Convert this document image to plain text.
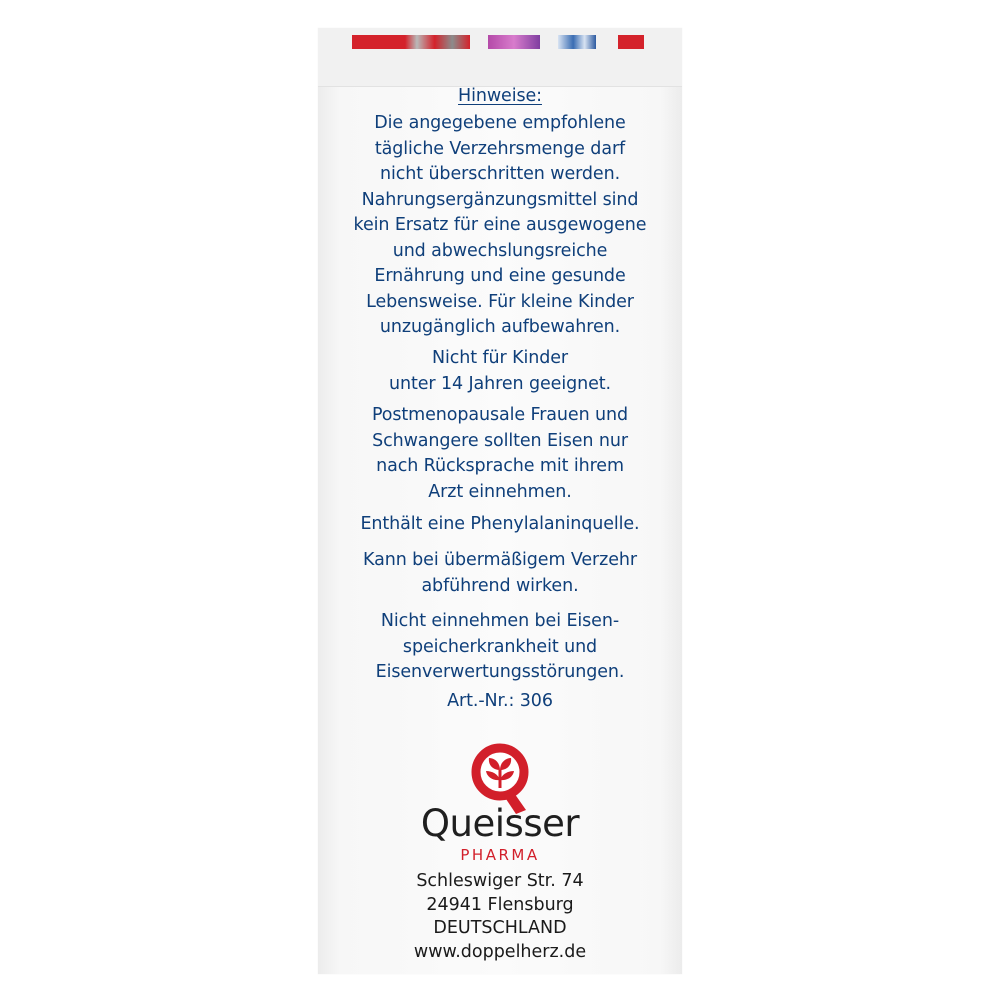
Hinweise:
Die angegebene empfohlene
tägliche Verzehrsmenge darf
nicht überschritten werden.
Nahrungsergänzungsmittel sind
kein Ersatz für eine ausgewogene
und abwechslungsreiche
Ernährung und eine gesunde
Lebensweise. Für kleine Kinder
unzugänglich aufbewahren.
Nicht für Kinder
unter 14 Jahren geeignet.
Postmenopausale Frauen und
Schwangere sollten Eisen nur
nach Rücksprache mit ihrem
Arzt einnehmen.
Enthält eine Phenylalaninquelle.
Kann bei übermäßigem Verzehr
abführend wirken.
Nicht einnehmen bei Eisen-
speicherkrankheit und
Eisenverwertungsstörungen.
Art.-Nr.: 306
Queisser
PHARMA
Schleswiger Str. 74
24941 Flensburg
DEUTSCHLAND
www.doppelherz.de
